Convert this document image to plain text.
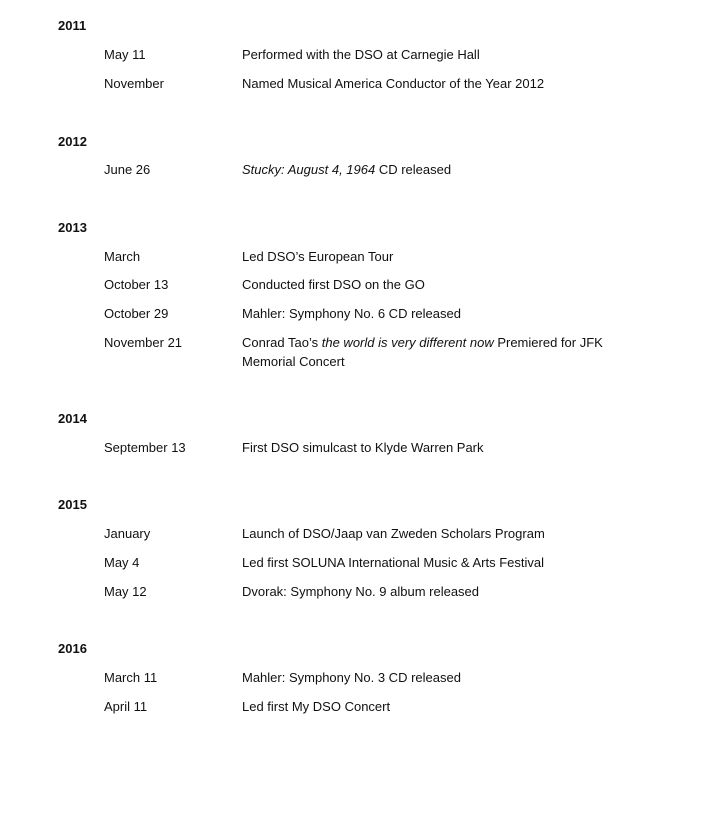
2011
May 11	Performed with the DSO at Carnegie Hall
November	Named Musical America Conductor of the Year 2012
2012
June 26	Stucky: August 4, 1964 CD released
2013
March	Led DSO’s European Tour
October 13	Conducted first DSO on the GO
October 29	Mahler: Symphony No. 6 CD released
November 21	Conrad Tao’s the world is very different now Premiered for JFK Memorial Concert
2014
September 13	First DSO simulcast to Klyde Warren Park
2015
January	Launch of DSO/Jaap van Zweden Scholars Program
May 4	Led first SOLUNA International Music & Arts Festival
May 12	Dvorak: Symphony No. 9 album released
2016
March 11	Mahler: Symphony No. 3 CD released
April 11	Led first My DSO Concert
